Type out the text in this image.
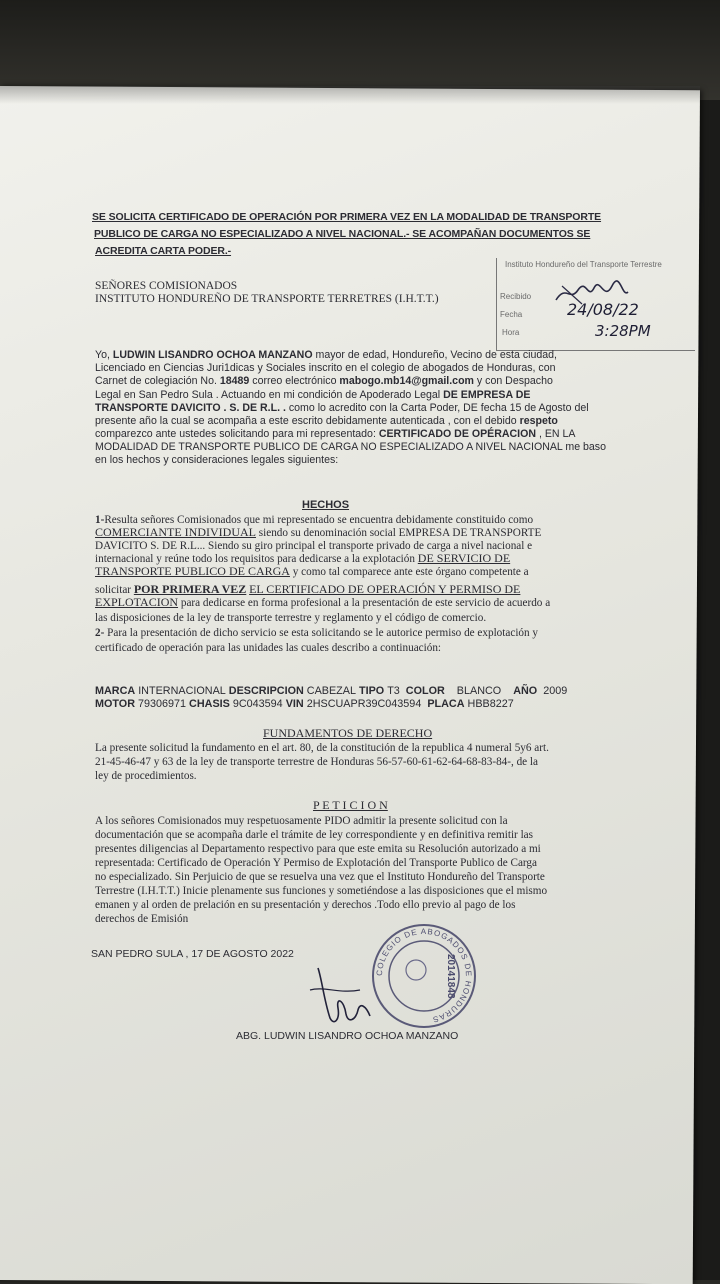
SE SOLICITA CERTIFICADO DE OPERACIÓN POR PRIMERA VEZ EN LA MODALIDAD DE TRANSPORTE
PUBLICO DE CARGA NO ESPECIALIZADO A NIVEL NACIONAL.- SE ACOMPAÑAN DOCUMENTOS SE
ACREDITA CARTA PODER.-
SEÑORES COMISIONADOS
INSTITUTO HONDUREÑO DE TRANSPORTE TERRETRES (I.H.T.T.)
Instituto Hondureño del Transporte Terrestre
Recibido
Fecha
Hora
24/08/22
3:28PM
Yo, LUDWIN LISANDRO OCHOA MANZANO mayor de edad, Hondureño, Vecino de esta ciudad,
Licenciado en Ciencias Juri1dicas y Sociales inscrito en el colegio de abogados de Honduras, con
Carnet de colegiación No. 18489 correo electrónico mabogo.mb14@gmail.com y con Despacho
Legal en San Pedro Sula . Actuando en mi condición de Apoderado Legal DE EMPRESA DE
TRANSPORTE DAVICITO . S. DE R.L. . como lo acredito con la Carta Poder, DE fecha 15 de Agosto del
presente año la cual se acompaña a este escrito debidamente autenticada , con el debido respeto
comparezco ante ustedes solicitando para mi representado: CERTIFICADO DE OPÉRACION , EN LA
MODALIDAD DE TRANSPORTE PUBLICO DE CARGA NO ESPECIALIZADO A NIVEL NACIONAL me baso
en los hechos y consideraciones legales siguientes:
HECHOS
1-Resulta señores Comisionados que mi representado se encuentra debidamente constituido como
COMERCIANTE INDIVIDUAL siendo su denominación social EMPRESA DE TRANSPORTE
DAVICITO S. DE R.L... Siendo su giro principal el transporte privado de carga a nivel nacional e
internacional y reúne todo los requisitos para dedicarse a la explotación DE SERVICIO DE
TRANSPORTE PUBLICO DE CARGA y como tal comparece ante este órgano competente a
solicitar POR PRIMERA VEZ EL CERTIFICADO DE OPERACIÓN Y PERMISO DE
EXPLOTACION para dedicarse en forma profesional a la presentación de este servicio de acuerdo a
las disposiciones de la ley de transporte terrestre y reglamento y el código de comercio.
2- Para la presentación de dicho servicio se esta solicitando se le autorice permiso de explotación y
certificado de operación para las unidades las cuales describo a continuación:
MARCA INTERNACIONAL DESCRIPCION CABEZAL TIPO T3 COLOR BLANCO AÑO 2009
MOTOR 79306971 CHASIS 9C043594 VIN 2HSCUAPR39C043594 PLACA HBB8227
FUNDAMENTOS DE DERECHO
La presente solicitud la fundamento en el art. 80, de la constitución de la republica 4 numeral 5y6 art.
21-45-46-47 y 63 de la ley de transporte terrestre de Honduras 56-57-60-61-62-64-68-83-84-, de la
ley de procedimientos.
P E T I C I O N
A los señores Comisionados muy respetuosamente PIDO admitir la presente solicitud con la
documentación que se acompaña darle el trámite de ley correspondiente y en definitiva remitir las
presentes diligencias al Departamento respectivo para que este emita su Resolución autorizado a mi
representada: Certificado de Operación Y Permiso de Explotación del Transporte Publico de Carga
no especializado. Sin Perjuicio de que se resuelva una vez que el Instituto Hondureño del Transporte
Terrestre (I.H.T.T.) Inicie plenamente sus funciones y sometiéndose a las disposiciones que el mismo
emanen y al orden de prelación en su presentación y derechos .Todo ello previo al pago de los
derechos de Emisión
SAN PEDRO SULA , 17 DE AGOSTO 2022
COLEGIO DE ABOGADOS DE HONDURAS
20141848
ABG. LUDWIN LISANDRO OCHOA MANZANO
